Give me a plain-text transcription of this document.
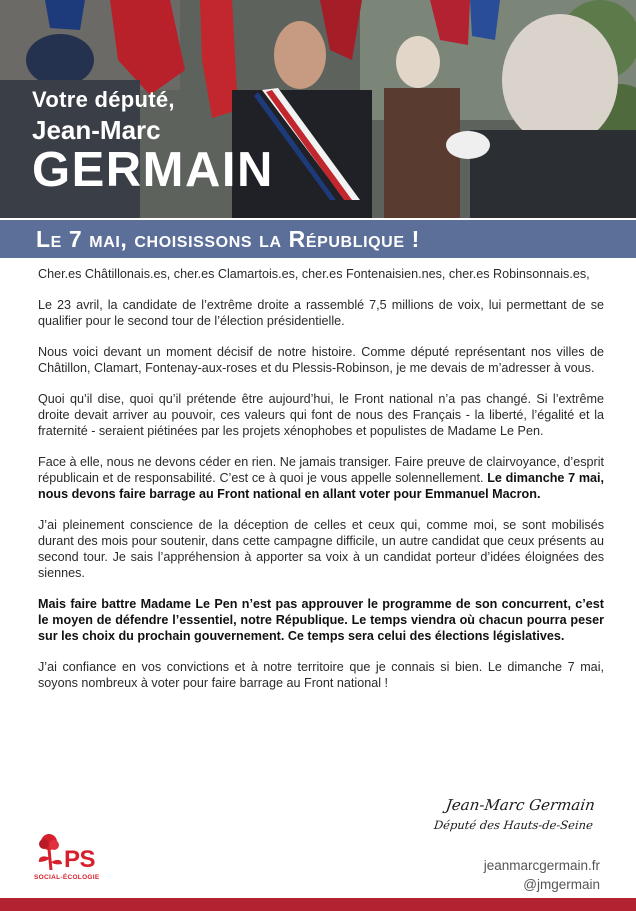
Votre député,
Jean-Marc
GERMAIN
Le 7 mai, choisissons la République !

Cher.es Châtillonais.es, cher.es Clamartois.es, cher.es Fontenaisien.nes, cher.es Robinsonnais.es,

Le 23 avril, la candidate de l’extrême droite a rassemblé 7,5 millions de voix, lui permettant de se qualifier pour le second tour de l’élection présidentielle.

Nous voici devant un moment décisif de notre histoire. Comme député représentant nos villes de Châtillon, Clamart, Fontenay-aux-roses et du Plessis-Robinson, je me devais de m’adresser à vous.

Quoi qu’il dise, quoi qu’il prétende être aujourd’hui, le Front national n’a pas changé. Si l’extrême droite devait arriver au pouvoir, ces valeurs qui font de nous des Français - la liberté, l’égalité et la fraternité - seraient piétinées par les projets xénophobes et populistes de Madame Le Pen.

Face à elle, nous ne devons céder en rien. Ne jamais transiger. Faire preuve de clairvoyance, d’esprit républicain et de responsabilité. C’est ce à quoi je vous appelle solennellement. Le dimanche 7 mai, nous devons faire barrage au Front national en allant voter pour Emmanuel Macron.

J’ai pleinement conscience de la déception de celles et ceux qui, comme moi, se sont mobilisés durant des mois pour soutenir, dans cette campagne difficile, un autre candidat que ceux présents au second tour. Je sais l’appréhension à apporter sa voix à un candidat porteur d’idées éloignées des siennes.

Mais faire battre Madame Le Pen n’est pas approuver le programme de son concurrent, c’est le moyen de défendre l’essentiel, notre République. Le temps viendra où chacun pourra peser sur les choix du prochain gouvernement. Ce temps sera celui des élections législatives.

J’ai confiance en vos convictions et à notre territoire que je connais si bien. Le dimanche 7 mai, soyons nombreux à voter pour faire barrage au Front national !

Jean-Marc Germain
Député des Hauts-de-Seine
PS
SOCIAL-ÉCOLOGIE
jeanmarcgermain.fr
@jmgermain
